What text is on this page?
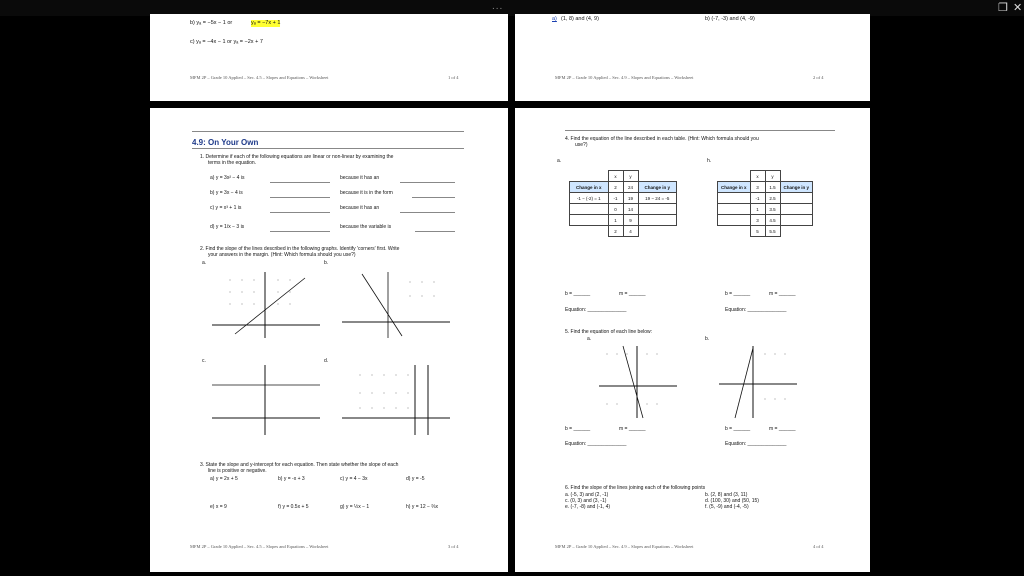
...	❐ ✕
b) yₐ = −5x − 1 or	yₐ = −7x + 1
c) yₐ = −4x − 1 or yₐ = −2x + 7
MFM 2P – Grade 10 Applied – Sec. 4.5 – Slopes and Equations – Worksheet	1 of 4
a) (1, 8) and (4, 9)	b) (-7, -3) and (4, -9)
MFM 2P – Grade 10 Applied – Sec. 4.9 – Slopes and Equations – Worksheet	2 of 4
4.9: On Your Own
1. Determine if each of the following equations are linear or non-linear by examining the
terms in the equation.
a) y = 3x² − 4 is	because it has an
b) y = 3x − 4 is	because it is in the form
c) y = x³ + 1 is	because it has an
d) y = 1/x − 3 is	because the variable is
2. Find the slope of the lines described in the following graphs. Identify 'corners' first. Write
your answers in the margin. (Hint: Which formula should you use?)
a.	b.
c.	d.
3. State the slope and y-intercept for each equation. Then state whether the slope of each
line is positive or negative.
a) y = 2x + 5	b) y = -x + 3	c) y = 4 − 3x	d) y = -5
e) x = 9	f) y = 0.5x + 5	g) y = ½x − 1	h) y = 12 − ⅔x
MFM 2P – Grade 10 Applied – Sec. 4.5 – Slopes and Equations – Worksheet	3 of 4
4. Find the equation of the line described in each table. (Hint: Which formula should you
use?)
a.	h.
	x	y	
Change in x	2	24	Change in y
-1 − (-2) = 1	-1	19	19 − 24 = -5
	0	14	
	1	9	
	2	4	
	x	y	
Change in x	3	1.5	Change in y
	-1	2.5	
	1	3.5	
	3	4.5	
	5	5.5	
b = ______	m = ______
Equation: ______________
b = ______	m = ______
Equation: ______________
5. Find the equation of each line below:
a.	b.
b = ______	m = ______
Equation: ______________
b = ______	m = ______
Equation: ______________
6. Find the slope of the lines joining each of the following points
a. (-5, 3) and (2, -1)
c. (0, 3) and (3, -1)
e. (-7, -8) and (-1, 4)
b. (2, 8) and (3, 11)
d. (100, 30) and (50, 15)
f. (5, -9) and (-4, -5)
MFM 2P – Grade 10 Applied – Sec. 4.9 – Slopes and Equations – Worksheet	4 of 4
